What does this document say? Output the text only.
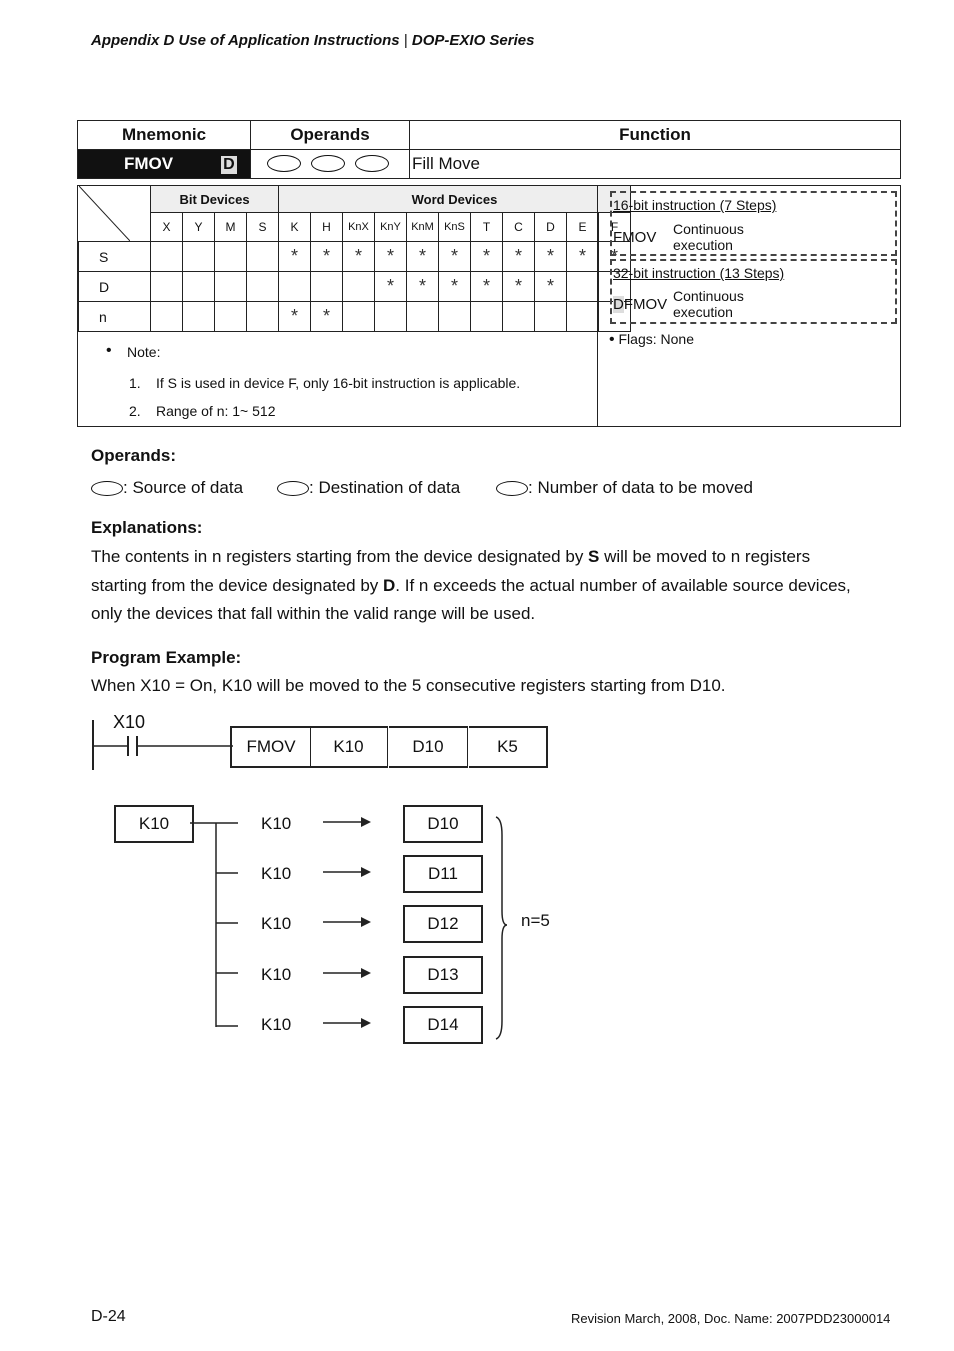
Appendix D Use of Application Instructions | DOP-EXIO Series
Mnemonic	Operands	Function
FMOV D		Fill Move
	Bit Devices				Word Devices										
	X	Y	M	S	K	H	KnX	KnY	KnM	KnS	T	C	D	E	F
S					*	*	*	*	*	*	*	*	*	*	*
D								*	*	*	*	*	*		
n					*	*									
• Note:
1. If S is used in device F, only 16-bit instruction is applicable.
2. Range of n: 1~ 512
16-bit instruction (7 Steps)
FMOV Continuous
execution
32-bit instruction (13 Steps)
DFMOV Continuous
execution
• Flags: None
Operands:
: Source of data	: Destination of data	: Number of data to be moved
Explanations:
The contents in n registers starting from the device designated by S will be moved to n registers
starting from the device designated by D. If n exceeds the actual number of available source devices,
only the devices that fall within the valid range will be used.
Program Example:
When X10 = On, K10 will be moved to the 5 consecutive registers starting from D10.
X10
FMOV	K10	D10	K5
K10	K10	D10
K10	D11
K10	D12
K10	D13
K10	D14
n=5
D-24	Revision March, 2008, Doc. Name: 2007PDD23000014
